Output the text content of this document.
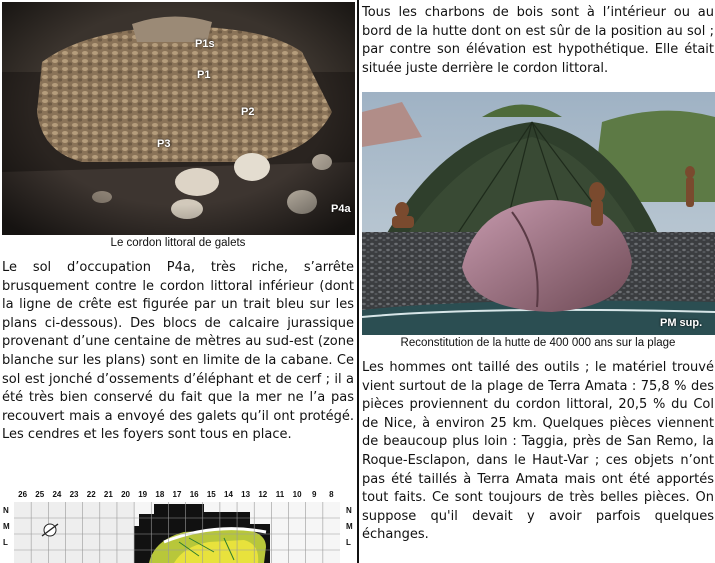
P1s
P1
P2
P3
P4a
Le cordon littoral de galets

Le sol d’occupation P4a, très riche, s’arrête brusquement contre le cordon littoral inférieur (dont la ligne de crête est figurée par un trait bleu sur les plans ci-dessous). Des blocs de calcaire jurassique provenant d’une centaine de mètres au sud-est (zone blanche sur les plans) sont en limite de la cabane. Ce sol est jonché d’ossements d’éléphant et de cerf ; il a été très bien conservé du fait que la mer ne l’a pas recouvert mais a envoyé des galets qu’il ont protégé. Les cendres et les foyers sont tous en place.

26	25	24	23	22	21	20	19	18	17	16	15	14	13	12	11	10	9	8
N
M
L
N
M
L

Tous les charbons de bois sont à l’intérieur ou au bord de la hutte dont on est sûr de la position au sol ; par contre son élévation est hypothétique. Elle était située juste derrière le cordon littoral.

PM sup.
Reconstitution de la hutte de 400 000 ans sur la plage

Les hommes ont taillé des outils ; le matériel trouvé vient surtout de la plage de Terra Amata : 75,8 % des pièces proviennent du cordon littoral, 20,5 % du Col de Nice, à environ 25 km. Quelques pièces viennent de beaucoup plus loin : Taggia, près de San Remo, la Roque-Esclapon, dans le Haut-Var ; ces objets n’ont pas été taillés à Terra Amata mais ont été apportés tout faits. Ce sont toujours de très belles pièces. On suppose qu'il devait y avoir parfois quelques échanges.
